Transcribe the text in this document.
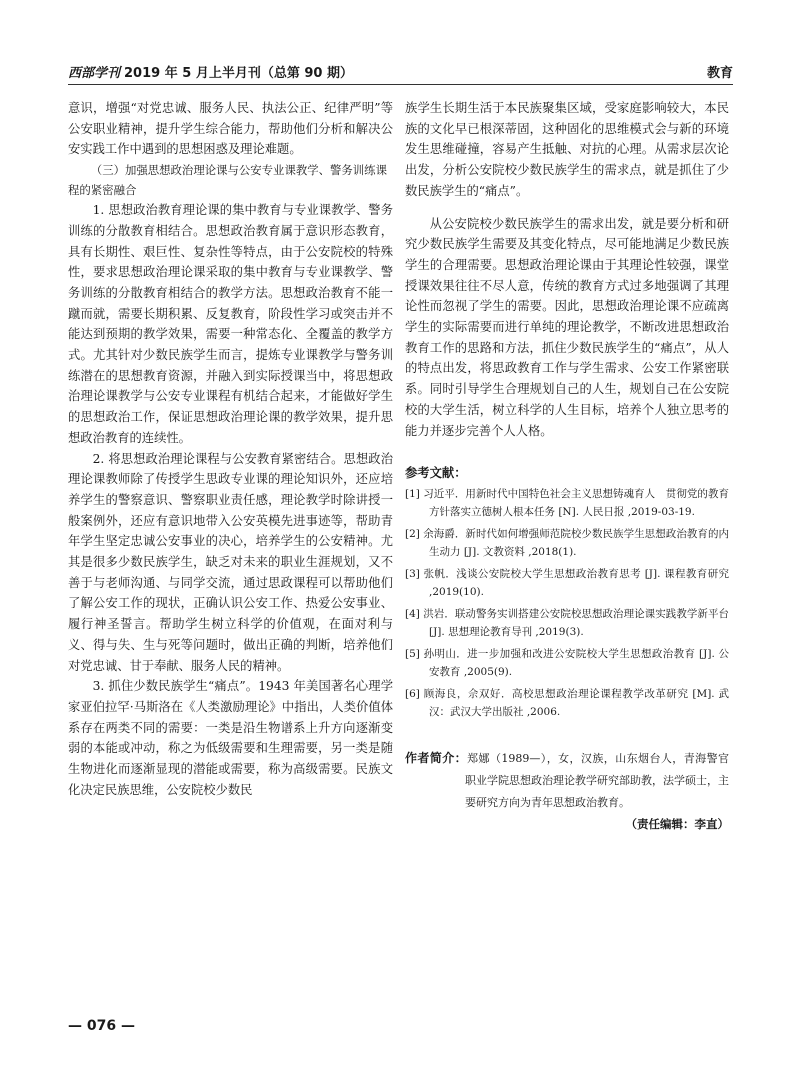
西部学刊 2019 年 5 月上半月刊（总第 90 期）	教育

意识，增强“对党忠诚、服务人民、执法公正、纪律严明”等公安职业精神，提升学生综合能力，帮助他们分析和解决公安实践工作中遇到的思想困惑及理论难题。

（三）加强思想政治理论课与公安专业课教学、警务训练课程的紧密融合

1. 思想政治教育理论课的集中教育与专业课教学、警务训练的分散教育相结合。思想政治教育属于意识形态教育，具有长期性、艰巨性、复杂性等特点，由于公安院校的特殊性，要求思想政治理论课采取的集中教育与专业课教学、警务训练的分散教育相结合的教学方法。思想政治教育不能一蹴而就，需要长期积累、反复教育，阶段性学习或突击并不能达到预期的教学效果，需要一种常态化、全覆盖的教学方式。尤其针对少数民族学生而言，提炼专业课教学与警务训练潜在的思想教育资源，并融入到实际授课当中，将思想政治理论课教学与公安专业课程有机结合起来，才能做好学生的思想政治工作，保证思想政治理论课的教学效果，提升思想政治教育的连续性。

2. 将思想政治理论课程与公安教育紧密结合。思想政治理论课教师除了传授学生思政专业课的理论知识外，还应培养学生的警察意识、警察职业责任感，理论教学时除讲授一般案例外，还应有意识地带入公安英模先进事迹等，帮助青年学生坚定忠诚公安事业的决心，培养学生的公安精神。尤其是很多少数民族学生，缺乏对未来的职业生涯规划，又不善于与老师沟通、与同学交流，通过思政课程可以帮助他们了解公安工作的现状，正确认识公安工作、热爱公安事业、履行神圣誓言。帮助学生树立科学的价值观，在面对利与义、得与失、生与死等问题时，做出正确的判断，培养他们对党忠诚、甘于奉献、服务人民的精神。

3. 抓住少数民族学生“痛点”。1943 年美国著名心理学家亚伯拉罕·马斯洛在《人类激励理论》中指出，人类价值体系存在两类不同的需要：一类是沿生物谱系上升方向逐渐变弱的本能或冲动，称之为低级需要和生理需要，另一类是随生物进化而逐渐显现的潜能或需要，称为高级需要。民族文化决定民族思维，公安院校少数民

族学生长期生活于本民族聚集区域，受家庭影响较大，本民族的文化早已根深蒂固，这种固化的思维模式会与新的环境发生思维碰撞，容易产生抵触、对抗的心理。从需求层次论出发，分析公安院校少数民族学生的需求点，就是抓住了少数民族学生的“痛点”。

从公安院校少数民族学生的需求出发，就是要分析和研究少数民族学生需要及其变化特点，尽可能地满足少数民族学生的合理需要。思想政治理论课由于其理论性较强，课堂授课效果往往不尽人意，传统的教育方式过多地强调了其理论性而忽视了学生的需要。因此，思想政治理论课不应疏离学生的实际需要而进行单纯的理论教学，不断改进思想政治教育工作的思路和方法，抓住少数民族学生的“痛点”，从人的特点出发，将思政教育工作与学生需求、公安工作紧密联系。同时引导学生合理规划自己的人生，规划自己在公安院校的大学生活，树立科学的人生目标，培养个人独立思考的能力并逐步完善个人人格。

参考文献：

[1] 习近平．用新时代中国特色社会主义思想铸魂育人　贯彻党的教育方针落实立德树人根本任务 [N]. 人民日报 ,2019-03-19.

[2] 余海爵．新时代如何增强师范院校少数民族学生思想政治教育的内生动力 [J]. 文教资料 ,2018(1).

[3] 张帆．浅谈公安院校大学生思想政治教育思考 [J]. 课程教育研究 ,2019(10).

[4] 洪岩．联动警务实训搭建公安院校思想政治理论课实践教学新平台 [J]. 思想理论教育导刊 ,2019(3).

[5] 孙明山．进一步加强和改进公安院校大学生思想政治教育 [J]. 公安教育 ,2005(9).

[6] 顾海良，佘双好．高校思想政治理论课程教学改革研究 [M]. 武汉：武汉大学出版社 ,2006.

作者简介：郑娜（1989—），女，汉族，山东烟台人，青海警官职业学院思想政治理论教学研究部助教，法学硕士，主要研究方向为青年思想政治教育。
（责任编辑：李直）
— 076 —
